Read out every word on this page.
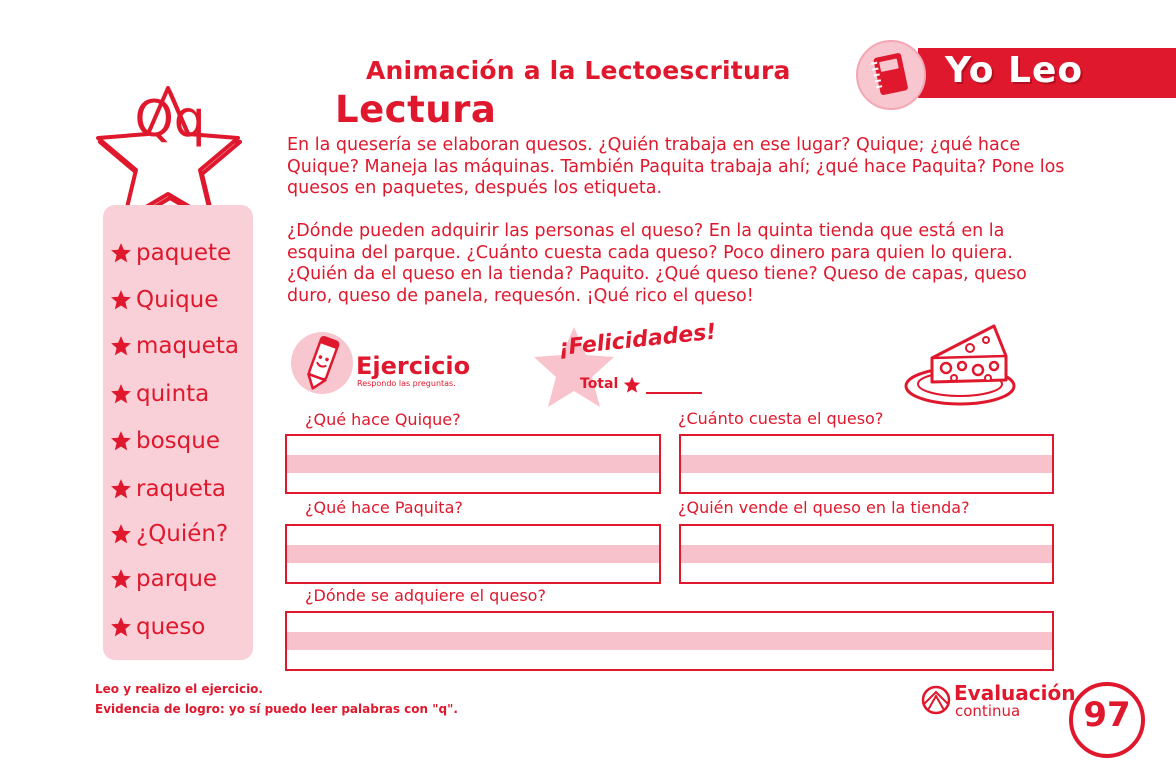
Animación a la Lectoescritura
Lectura
Yo Leo
Qq
paquete
Quique
maqueta
quinta
bosque
raqueta
¿Quién?
parque
queso
En la quesería se elaboran quesos. ¿Quién trabaja en ese lugar? Quique; ¿qué hace Quique? Maneja las máquinas. También Paquita trabaja ahí; ¿qué hace Paquita? Pone los quesos en paquetes, después los etiqueta.
¿Dónde pueden adquirir las personas el queso? En la quinta tienda que está en la esquina del parque. ¿Cuánto cuesta cada queso? Poco dinero para quien lo quiera. ¿Quién da el queso en la tienda? Paquito. ¿Qué queso tiene? Queso de capas, queso duro, queso de panela, requesón. ¡Qué rico el queso!
Ejercicio
Respondo las preguntas.
¡Felicidades!
Total
¿Qué hace Quique?	¿Cuánto cuesta el queso?
¿Qué hace Paquita?	¿Quién vende el queso en la tienda?
¿Dónde se adquiere el queso?
Leo y realizo el ejercicio.
Evidencia de logro: yo sí puedo leer palabras con "q".
Evaluación
continua	97
